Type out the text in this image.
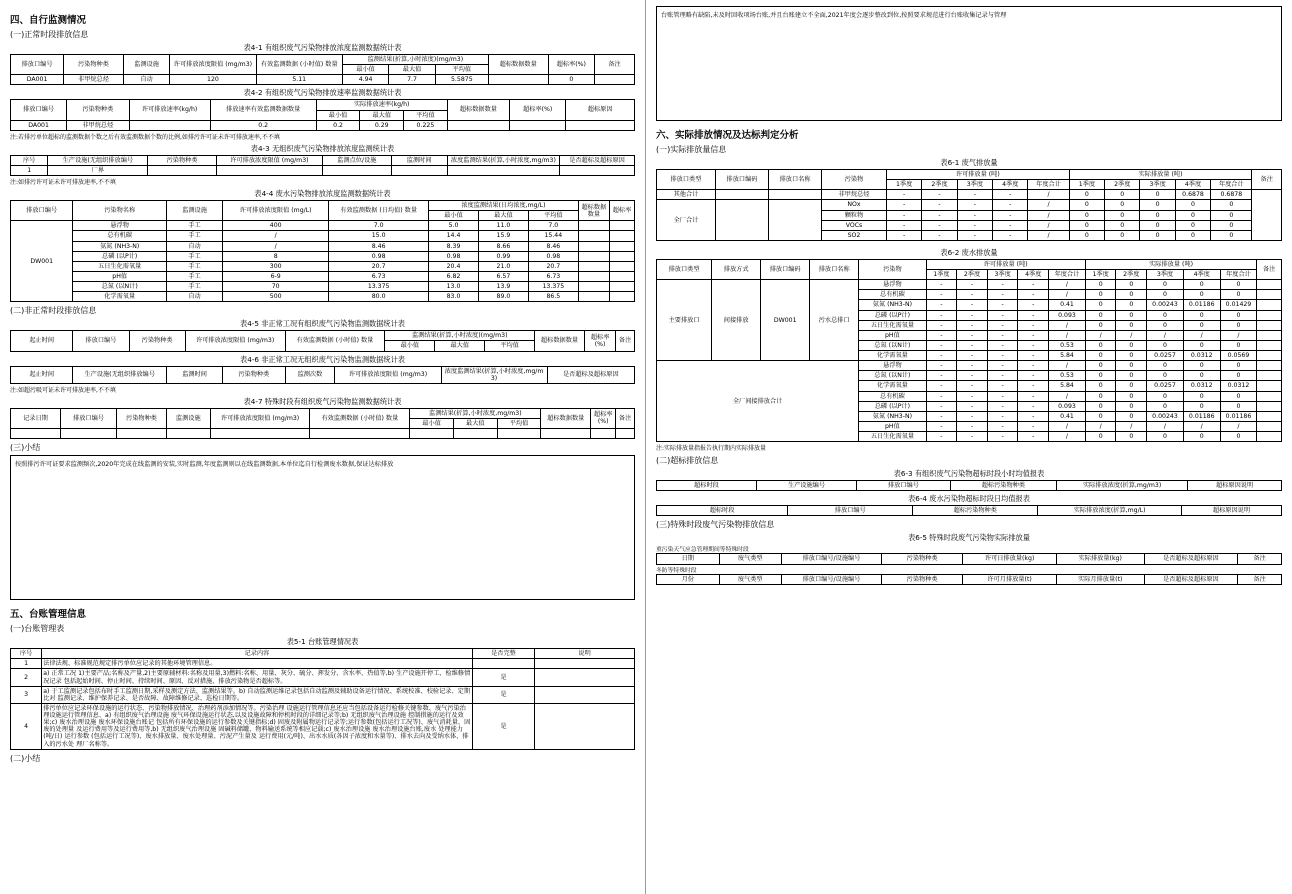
四、自行监测情况
(一)正常时段排放信息
表4-1 有组织废气污染物排放浓度监测数据统计表
排放口编号	污染物种类	监测设施	许可排放浓度限值 (mg/m3)	有效监测数据 (小时值) 数量	监测结果(折算,小时浓度)(mg/m3)			超标数据数量	超标率(%)	备注
					最小值	最大值	平均值			
DA001	非甲烷总烃	自动	120	5.11	4.94	7.7	5.5875		0	
表4-2 有组织废气污染物排放速率监测数据统计表
排放口编号	污染物种类	许可排放速率(kg/h)	排放速率有效监测数据数量	实际排放速率(kg/h)			超标数据数量	超标率(%)	超标原因
				最小值	最大值	平均值			
DA001	非甲烷总烃		0.2	0.2	0.29	0.225			
注:若排污单位超标的监测数据个数之后有效监测数据个数的比例,如排污许可证未许可排放速率,不不填
表4-3 无组织废气污染物排放浓度监测统计表
序号	生产设施(无组织排放编号	污染物种类	许可排放浓度限值 (mg/m3)	监测点位/设施	监测时间	浓度监测结果(折算,小时浓度,mg/m3)	是否超标及超标原因
1	厂界						
注:如排污许可证未许可排放速率,不不填
表4-4 废水污染物排放浓度监测数据统计表
排放口编号	污染物名称	监测设施	许可排放浓度限值 (mg/L)	有效监测数据 (日均值) 数量	浓度监测结果(日均浓度,mg/L)			超标数据数量	超标率
					最小值	最大值	平均值		
DW001	悬浮物	手工	400	7.0	5.0	11.0	7.0		
	总有机碳	手工	/	15.0	14.4	15.9	15.44		
	氨氮 (NH3-N)	自动	/	8.46	8.39	8.66	8.46		
	总磷 (以P计)	手工	8	0.98	0.98	0.99	0.98		
	五日生化需氧量	手工	300	20.7	20.4	21.0	20.7		
	pH值	手工	6-9	6.73	6.82	6.57	6.73		
	总氮 (以N计)	手工	70	13.375	13.0	13.9	13.375		
	化学需氧量	自动	500	80.0	83.0	89.0	86.5		
(二)非正常时段排放信息
表4-5 非正常工况有组织废气污染物监测数据统计表
起止时间	排放口编号	污染物种类	许可排放浓度限值 (mg/m3)	有效监测数据 (小时值) 数量	监测结果(折算,小时浓度)(mg/m3)			超标数据数量	超标率(%)	备注
					最小值	最大值	平均值			
表4-6 非正常工况无组织废气污染物监测数据统计表
起止时间	生产设施(无组织排放编号	监测时间	污染物种类	监测次数	许可排放浓度限值 (mg/m3)	浓度监测结果(折算,小时浓度,mg/m3)	是否超标及超标原因
注:如超污吸可证未许可排放速率,不不填
表4-7 特殊时段有组织废气污染物监测数据统计表
记录日期	排放口编号	污染物种类	监测设施	许可排放浓度限值 (mg/m3)	有效监测数据 (小时值) 数量	监测结果(折算,小时浓度,mg/m3)			超标数据数量	超标率(%)	备注
						最小值	最大值	平均值			

(三)小结
按照排污许可证要求监测频次,2020年完成在线监测的安装,实时监测,年度监测则以在线监测数据,本单位迄自行检测废水数据,保证达标排放
五、台账管理信息
(一)台账管理表
表5-1 台账管理情况表
序号	记录内容	是否完整	说明
1	法律法规、标准规范规定排污单位应记录的其他环境管理信息。		
2	a) 正常工况 1)主要产品;名称及产量,2)主要原辅材料:名称及用量,3)燃料:名称、用量、灰分、硫分、挥发分、含水率、热值等,b) 生产设施开停工、检维修情况记录 包括起始时间、停止时间、持续时间、原因、反对措施、排放污染物是否超标等。	是	
3	a) 于工监测记录包括布时手工监测日期,采样及测定方法、监测结果等。b) 自动监测运维记录包括自动监测及辅助设备运行情况、系统校准、校验记录、定期比对 监测记录、维护保养记录、是否故障、故障维修记录、巡检日期等。	是	
4	排污单位应记录环保设施的运行状态、污染物排放情况、治理药剂添加情况等。污染治理 设施运行管理信息还应当包括设备运行检修关键参数、废气污染治理设施运行管理信息、a) 有组织废气治理设施 废气环保设施运行状态,以及设施故障和停机时段的详细记录等;b) 无组织废气治理设施 控制措施的运行及效果;c) 废水治理设施 废水环保设施台账记 包括所有环保设施的运行参数及关键指标;d) 固废及附属物运行记录等;运行参数(包括运行工况等)、废气消耗量、固废的处理量 及运行费用等及运行费用等,b) 无组织废气治理设施 固碱料储罐、物料输送系统等相应记载;c) 废水治理设施 废水治理设施台账,废水 处理能力 (吨/日) 运行参数 (包括运行工况等)、废水排放量、废水处理量、污泥产生量及 运行费用(元/吨)、出水水质(各因子浓度和水量等)、排水去向及受纳水体、排入的污水处 理厂名称等。	是	
(二)小结
台账管理略有缺陷,未及时回收项场台账,并且台账建立不全面,2021年度会逐步整改到位,按照要求规范进行台账收集记录与管理
六、实际排放情况及达标判定分析
(一)实际排放量信息
表6-1 废气排放量
排放口类型	排放口编码	排放口名称	污染物	许可排放量 (吨)					实际排放量 (吨)					备注
				1季度	2季度	3季度	4季度	年度合计	1季度	2季度	3季度	4季度	年度合计	
其他合计			非甲烷总烃	-	-	-	-	/	0	0	0	0.6878	0.6878	
全厂合计			NOx	-	-	-	-	/	0	0	0	0	0	
			颗粒物	-	-	-	-	/	0	0	0	0	0	
			VOCs	-	-	-	-	/	0	0	0	0	0	
			SO2	-	-	-	-	/	0	0	0	0	0	
表6-2 废水排放量
排放口类型	排放方式	排放口编码	排放口名称	污染物	许可排放量 (吨)					实际排放量 (吨)					备注
					1季度	2季度	3季度	4季度	年度合计	1季度	2季度	3季度	4季度	年度合计	
主要排放口	间接排放	DW001	污水总排口	悬浮物	-	-	-	-	/	0	0	0	0	0	
				总有机碳	-	-	-	-	/	0	0	0	0	0	
				氨氮 (NH3-N)	-	-	-	-	0.41	0	0	0.00243	0.01186	0.01429	
				总磷 (以P计)	-	-	-	-	0.093	0	0	0	0	0	
				五日生化需氧量	-	-	-	-	/	0	0	0	0	0	
				pH值	-	-	-	-	/	/	/	/	/	/	
				总氮 (以N计)	-	-	-	-	0.53	0	0	0	0	0	
				化学需氧量	-	-	-	-	5.84	0	0	0.0257	0.0312	0.0569	
全厂间接排放合计				悬浮物	-	-	-	-	/	0	0	0	0	0	
				总氮 (以N计)	-	-	-	-	0.53	0	0	0	0	0	
				化学需氧量	-	-	-	-	5.84	0	0	0.0257	0.0312	0.0312	
				总有机碳	-	-	-	-	/	0	0	0	0	0	
				总磷 (以P计)	-	-	-	-	0.093	0	0	0	0	0	
				氨氮 (NH3-N)	-	-	-	-	0.41	0	0	0.00243	0.01186	0.01186	
				pH值	-	-	-	-	/	/	/	/	/	/	
				五日生化需氧量	-	-	-	-	/	0	0	0	0	0	
注:实际排放量指报告执行期内实际排放量
(二)超标排放信息
表6-3 有组织废气污染物超标时段小时均值报表
超标时段	生产设施编号	排放口编号	超标污染物种类	实际排放浓度(折算,mg/m3)	超标原因说明
表6-4 废水污染物超标时段日均值报表
超标时段	排放口编号	超标污染物种类	实际排放浓度(折算,mg/L)	超标原因说明
(三)特殊时段废气污染物排放信息
表6-5 特殊时段废气污染物实际排放量
重污染天气应急管理期间等特殊时段
日期	废气类型	排放口编号/设施编号	污染物种类	许可日排放量(kg)	实际排放量(kg)	是否超标及超标原因	备注
冬防等特殊时段
月份	废气类型	排放口编号/设施编号	污染物种类	许可月排放量(t)	实际月排放量(t)	是否超标及超标原因	备注
